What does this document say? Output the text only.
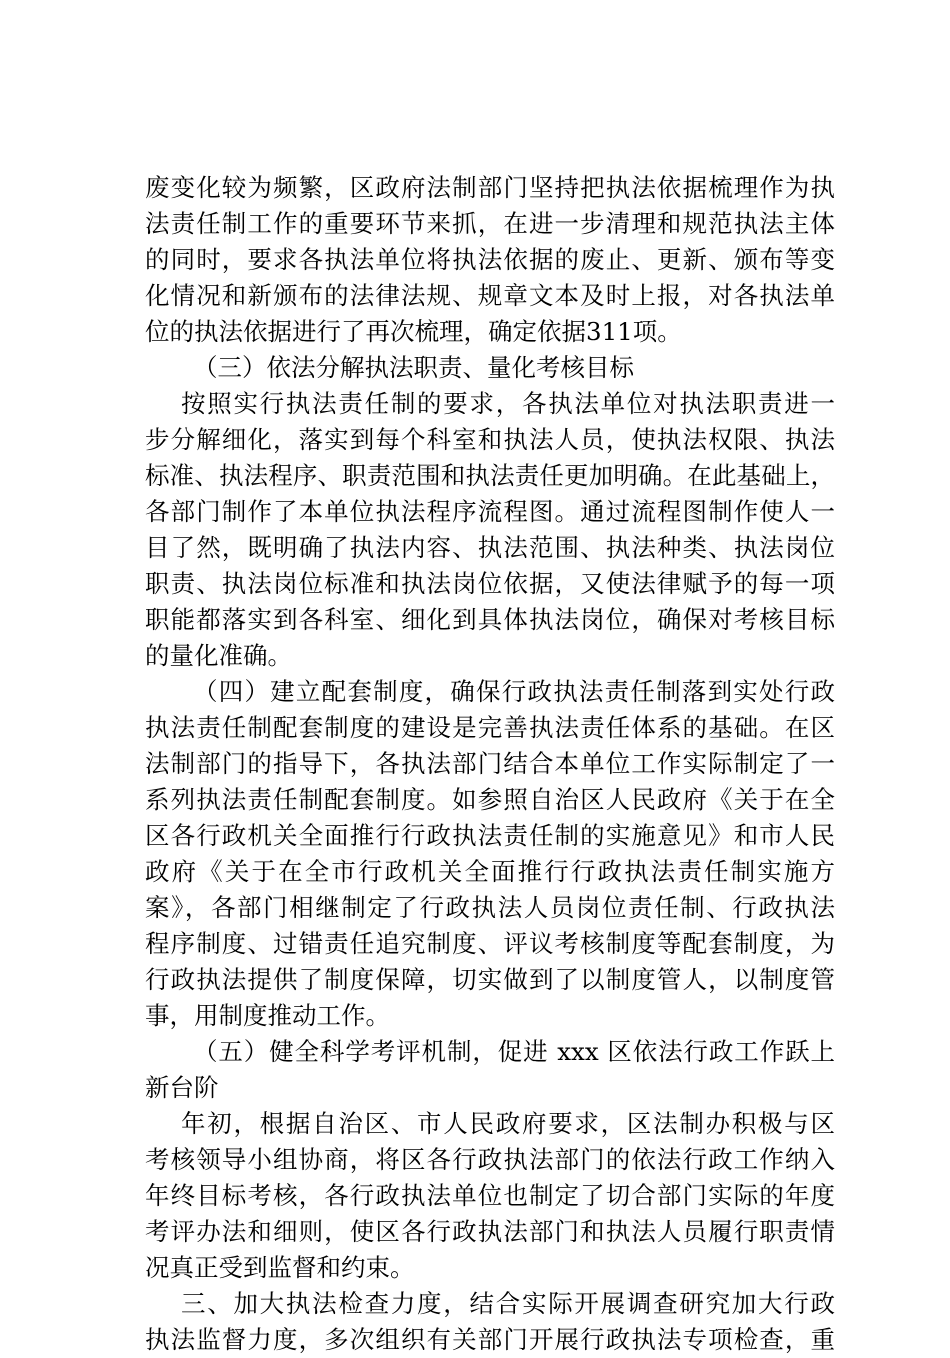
废变化较为频繁，区政府法制部门坚持把执法依据梳理作为执
法责任制工作的重要环节来抓，在进一步清理和规范执法主体
的同时，要求各执法单位将执法依据的废止、更新、颁布等变
化情况和新颁布的法律法规、规章文本及时上报，对各执法单
位的执法依据进行了再次梳理，确定依据311项。
（三）依法分解执法职责、量化考核目标
按照实行执法责任制的要求，各执法单位对执法职责进一
步分解细化，落实到每个科室和执法人员，使执法权限、执法
标准、执法程序、职责范围和执法责任更加明确。在此基础上，
各部门制作了本单位执法程序流程图。通过流程图制作使人一
目了然，既明确了执法内容、执法范围、执法种类、执法岗位
职责、执法岗位标准和执法岗位依据，又使法律赋予的每一项
职能都落实到各科室、细化到具体执法岗位，确保对考核目标
的量化准确。
（四）建立配套制度，确保行政执法责任制落到实处行政
执法责任制配套制度的建设是完善执法责任体系的基础。在区
法制部门的指导下，各执法部门结合本单位工作实际制定了一
系列执法责任制配套制度。如参照自治区人民政府《关于在全
区各行政机关全面推行行政执法责任制的实施意见》和市人民
政府《关于在全市行政机关全面推行行政执法责任制实施方
案》，各部门相继制定了行政执法人员岗位责任制、行政执法
程序制度、过错责任追究制度、评议考核制度等配套制度，为
行政执法提供了制度保障，切实做到了以制度管人，以制度管
事，用制度推动工作。
（五）健全科学考评机制，促进 xxx 区依法行政工作跃上
新台阶
年初，根据自治区、市人民政府要求，区法制办积极与区
考核领导小组协商，将区各行政执法部门的依法行政工作纳入
年终目标考核，各行政执法单位也制定了切合部门实际的年度
考评办法和细则，使区各行政执法部门和执法人员履行职责情
况真正受到监督和约束。
三、加大执法检查力度，结合实际开展调查研究加大行政
执法监督力度，多次组织有关部门开展行政执法专项检查，重
